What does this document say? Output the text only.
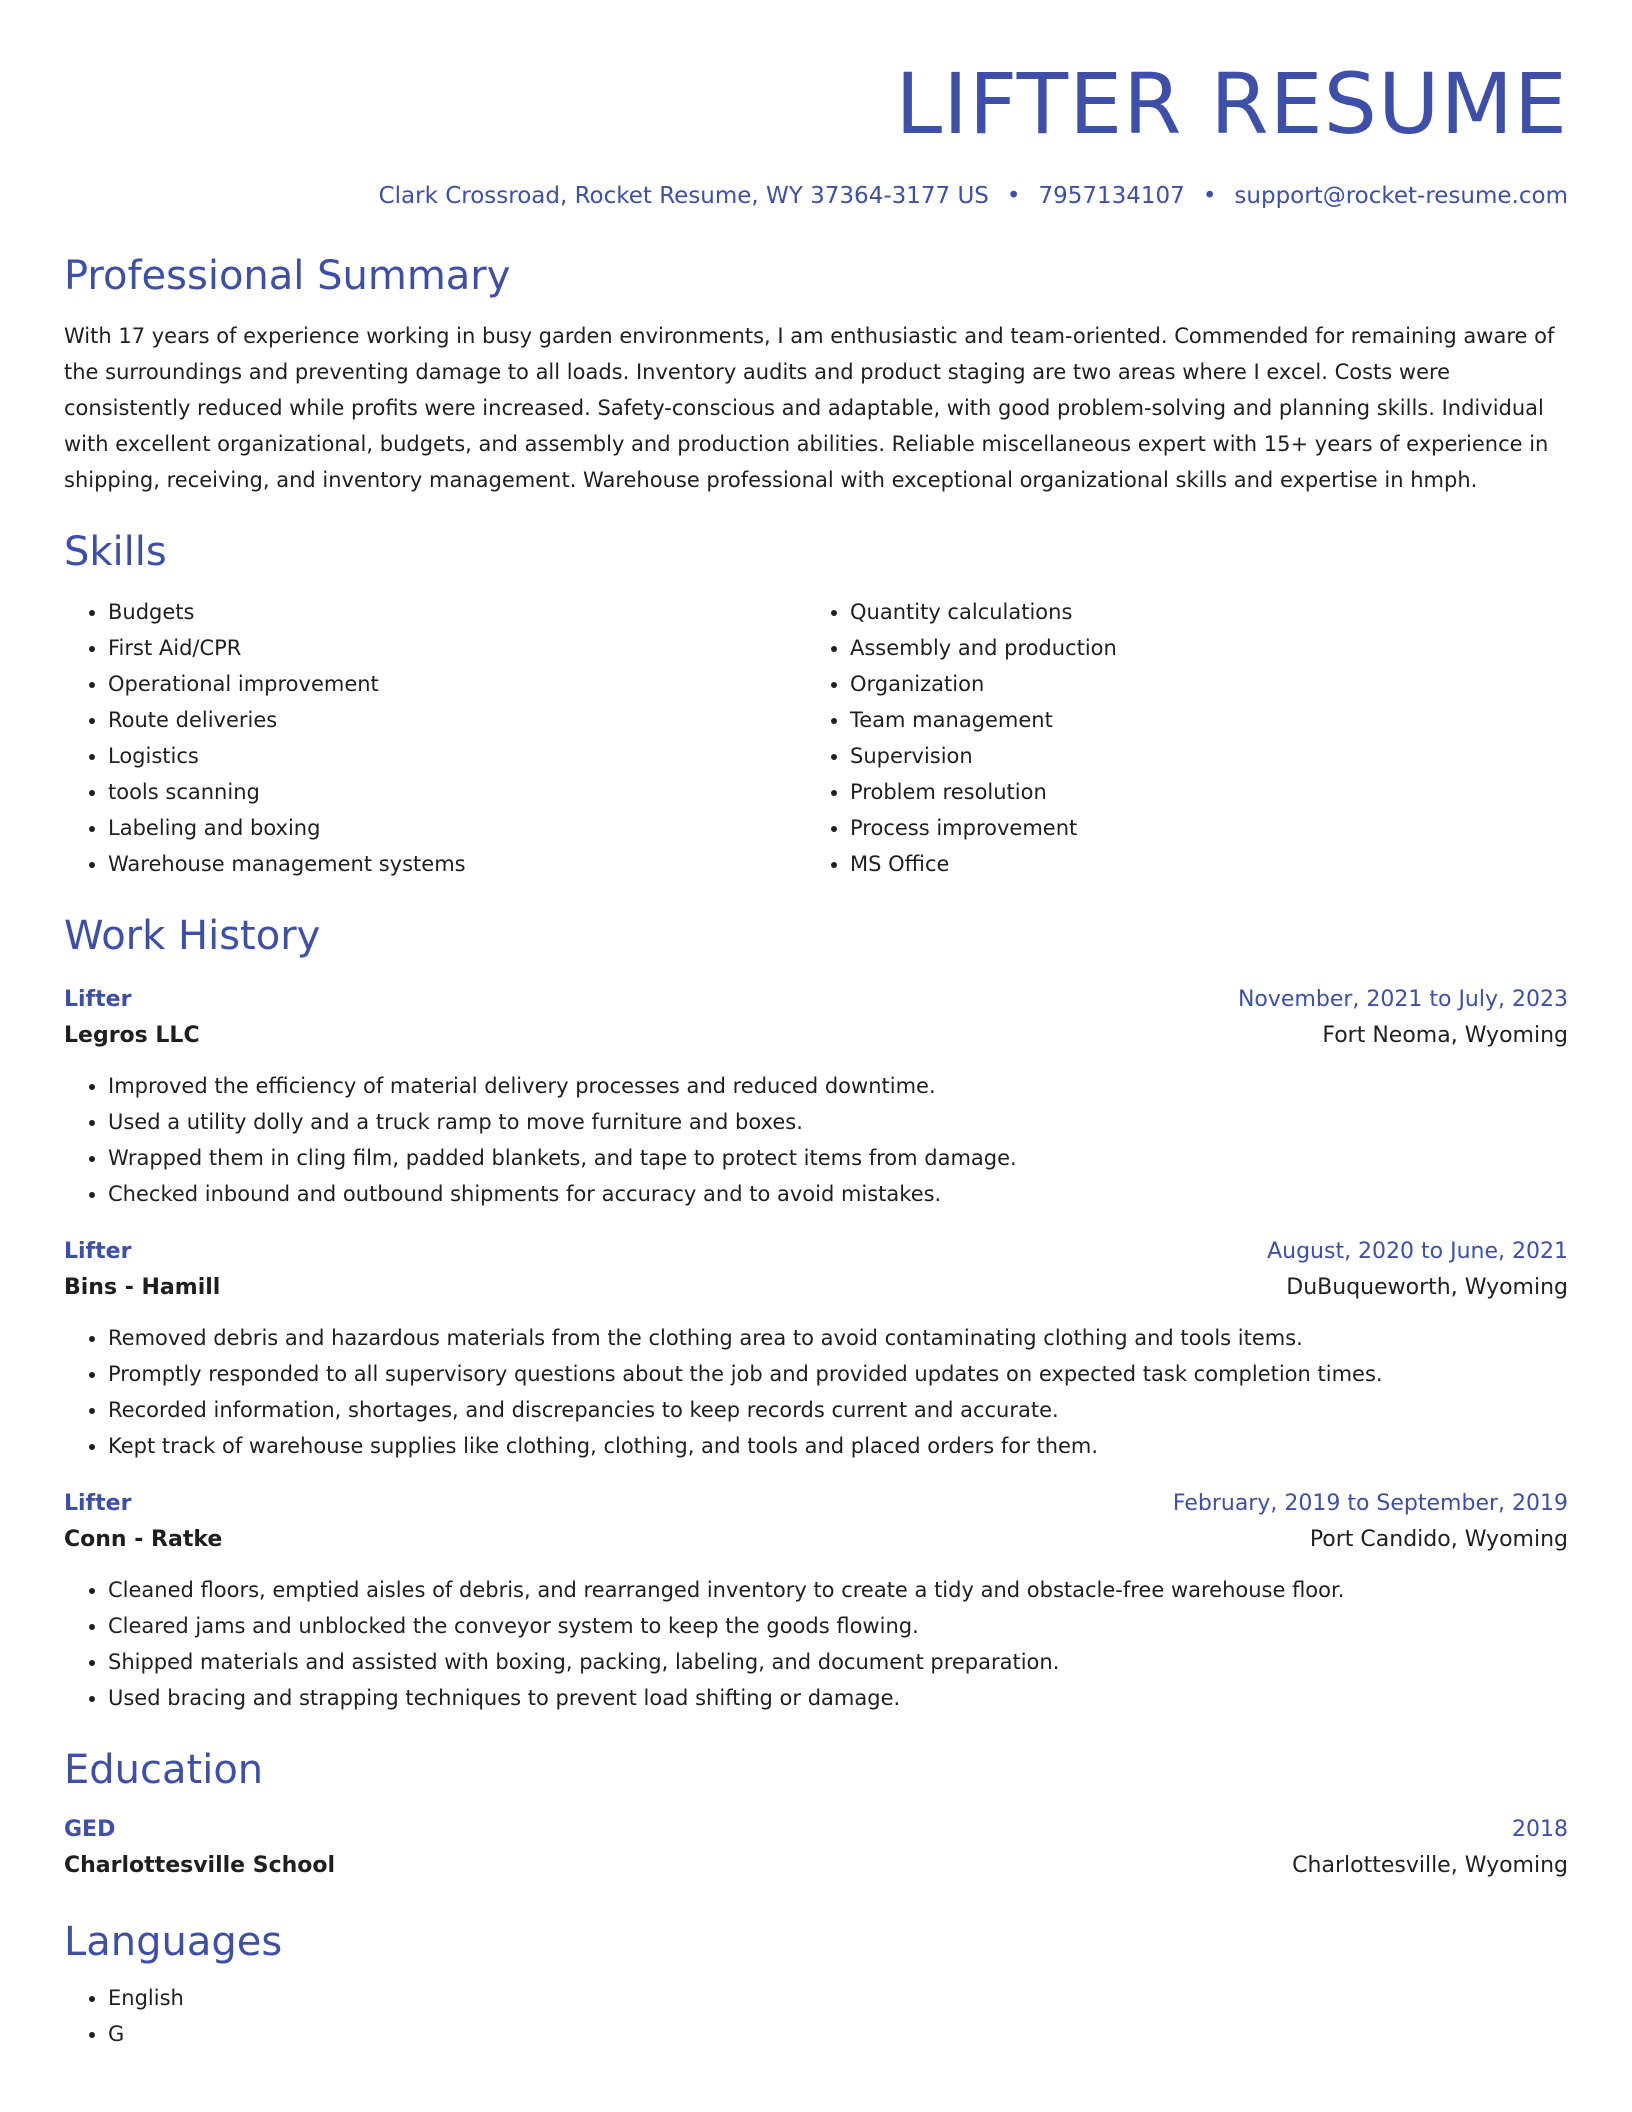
LIFTER RESUME
Clark Crossroad, Rocket Resume, WY 37364-3177 US • 7957134107 • support@rocket-resume.com
Professional Summary
With 17 years of experience working in busy garden environments, I am enthusiastic and team-oriented. Commended for remaining aware of the surroundings and preventing damage to all loads. Inventory audits and product staging are two areas where I excel. Costs were consistently reduced while profits were increased. Safety-conscious and adaptable, with good problem-solving and planning skills. Individual with excellent organizational, budgets, and assembly and production abilities. Reliable miscellaneous expert with 15+ years of experience in shipping, receiving, and inventory management. Warehouse professional with exceptional organizational skills and expertise in hmph.
Skills
• Budgets
• First Aid/CPR
• Operational improvement
• Route deliveries
• Logistics
• tools scanning
• Labeling and boxing
• Warehouse management systems
• Quantity calculations
• Assembly and production
• Organization
• Team management
• Supervision
• Problem resolution
• Process improvement
• MS Office
Work History
Lifter	November, 2021 to July, 2023
Legros LLC	Fort Neoma, Wyoming
• Improved the efficiency of material delivery processes and reduced downtime.
• Used a utility dolly and a truck ramp to move furniture and boxes.
• Wrapped them in cling film, padded blankets, and tape to protect items from damage.
• Checked inbound and outbound shipments for accuracy and to avoid mistakes.
Lifter	August, 2020 to June, 2021
Bins - Hamill	DuBuqueworth, Wyoming
• Removed debris and hazardous materials from the clothing area to avoid contaminating clothing and tools items.
• Promptly responded to all supervisory questions about the job and provided updates on expected task completion times.
• Recorded information, shortages, and discrepancies to keep records current and accurate.
• Kept track of warehouse supplies like clothing, clothing, and tools and placed orders for them.
Lifter	February, 2019 to September, 2019
Conn - Ratke	Port Candido, Wyoming
• Cleaned floors, emptied aisles of debris, and rearranged inventory to create a tidy and obstacle-free warehouse floor.
• Cleared jams and unblocked the conveyor system to keep the goods flowing.
• Shipped materials and assisted with boxing, packing, labeling, and document preparation.
• Used bracing and strapping techniques to prevent load shifting or damage.
Education
GED	2018
Charlottesville School	Charlottesville, Wyoming
Languages
• English
• G
